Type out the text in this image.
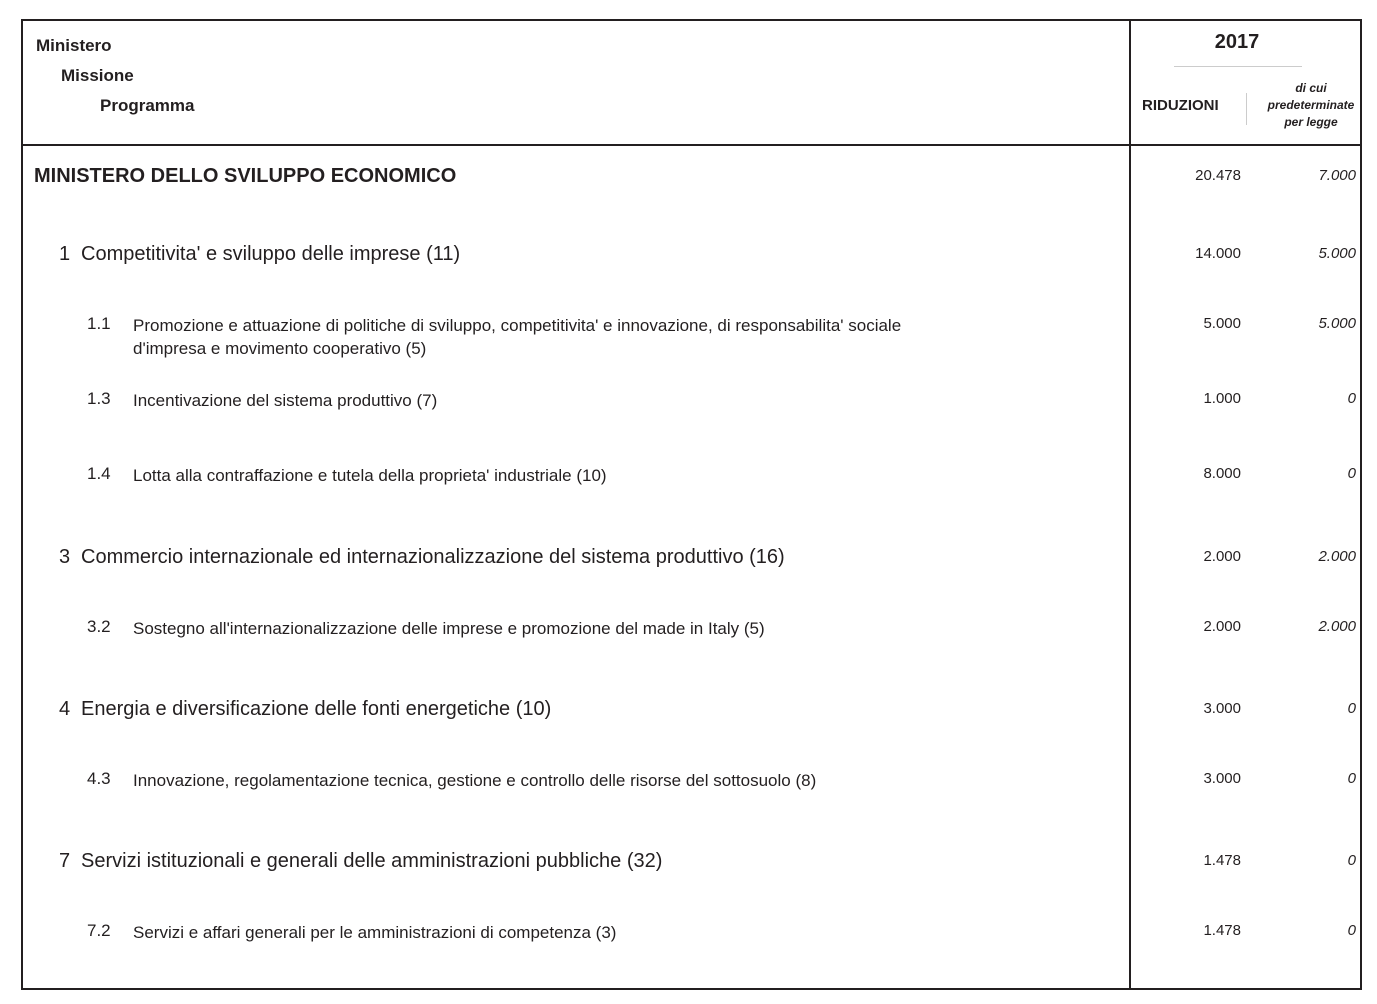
Ministero
Missione
Programma
2017
RIDUZIONI
di cui
predeterminate
per legge
MINISTERO DELLO SVILUPPO ECONOMICO	20.478	7.000
1 Competitivita' e sviluppo delle imprese (11)	14.000	5.000
1.1 Promozione e attuazione di politiche di sviluppo, competitivita' e innovazione, di responsabilita' sociale
d'impresa e movimento cooperativo (5)
5.000	5.000
1.3 Incentivazione del sistema produttivo (7)	1.000	0
1.4 Lotta alla contraffazione e tutela della proprieta' industriale (10)	8.000	0
3 Commercio internazionale ed internazionalizzazione del sistema produttivo (16)	2.000	2.000
3.2 Sostegno all'internazionalizzazione delle imprese e promozione del made in Italy (5)	2.000	2.000
4 Energia e diversificazione delle fonti energetiche (10)	3.000	0
4.3 Innovazione, regolamentazione tecnica, gestione e controllo delle risorse del sottosuolo (8)	3.000	0
7 Servizi istituzionali e generali delle amministrazioni pubbliche (32)	1.478	0
7.2 Servizi e affari generali per le amministrazioni di competenza (3)	1.478	0
